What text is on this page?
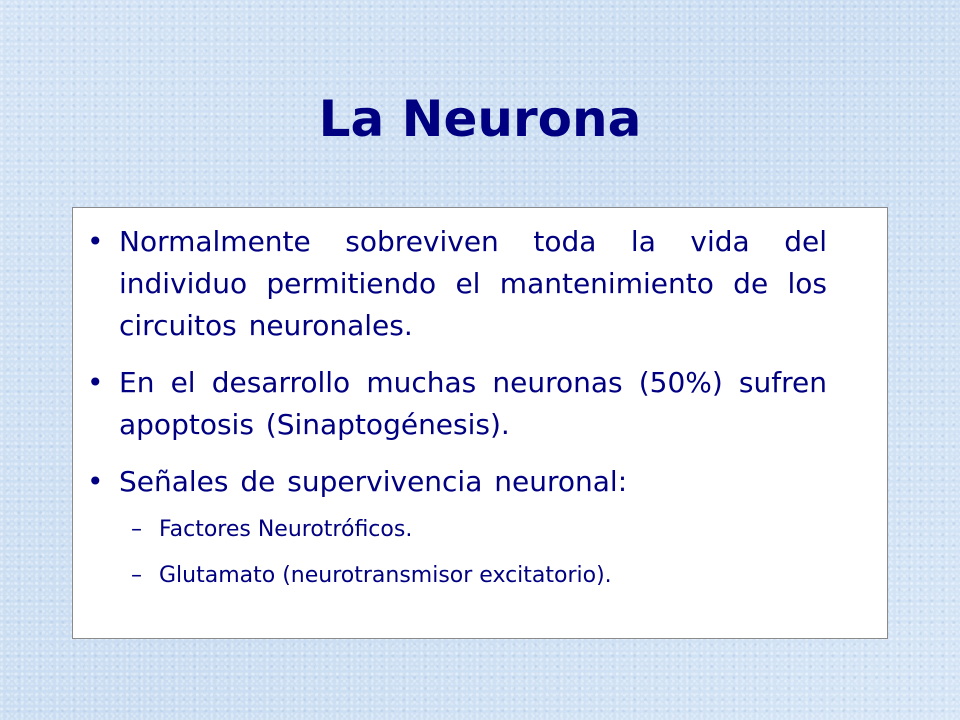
La Neurona
• Normalmente sobreviven toda la vida del individuo permitiendo el mantenimiento de los circuitos neuronales.
• En el desarrollo muchas neuronas (50%) sufren apoptosis (Sinaptogénesis).
• Señales de supervivencia neuronal:
– Factores Neurotróficos.
– Glutamato (neurotransmisor excitatorio).
